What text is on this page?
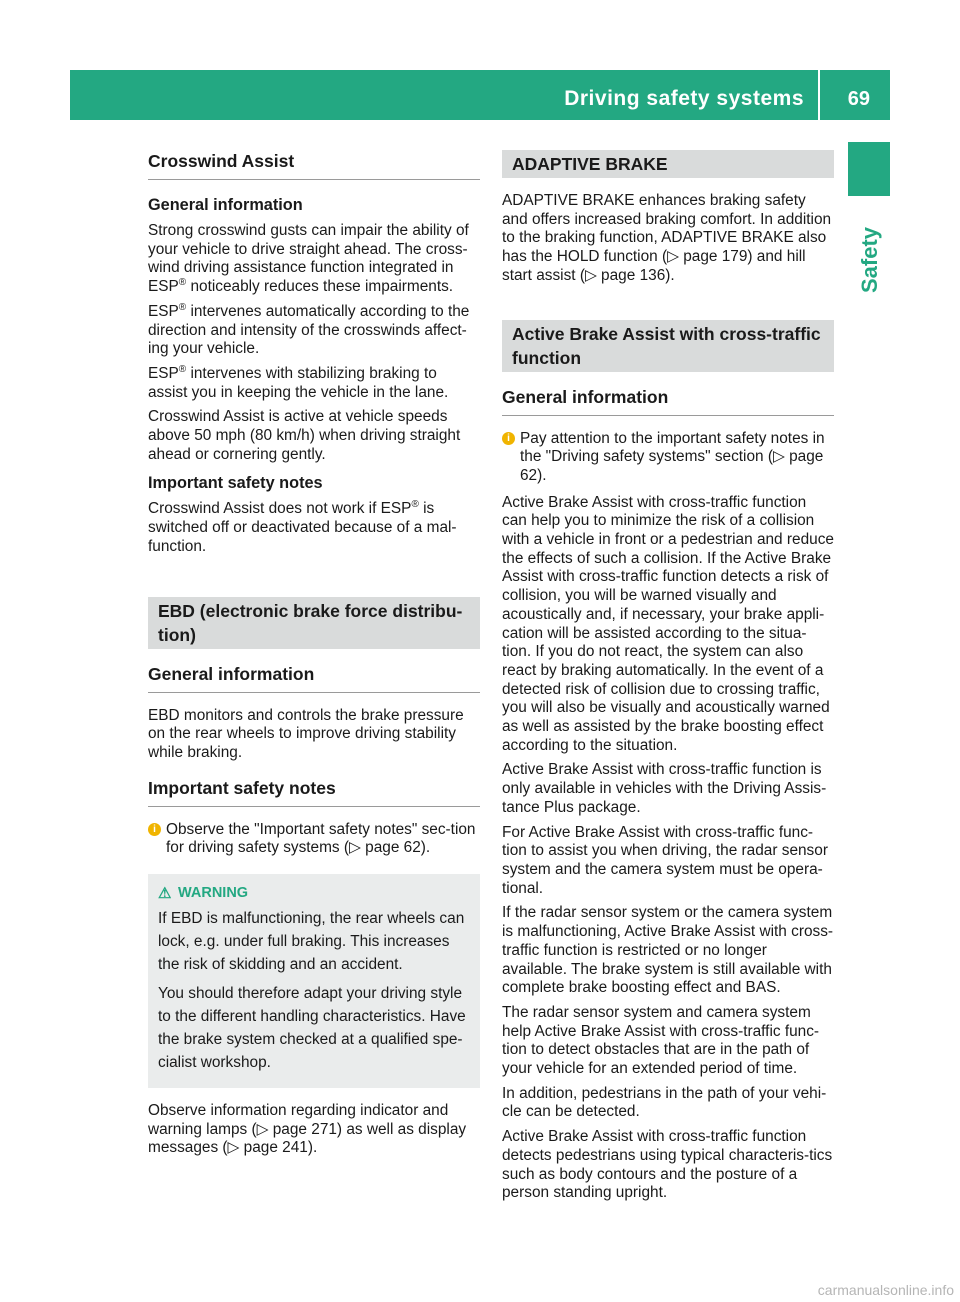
Driving safety systems	69
Safety
Crosswind Assist
General information

Strong crosswind gusts can impair the ability of your vehicle to drive straight ahead. The cross-wind driving assistance function integrated in ESP® noticeably reduces these impairments.

ESP® intervenes automatically according to the direction and intensity of the crosswinds affect-ing your vehicle.

ESP® intervenes with stabilizing braking to assist you in keeping the vehicle in the lane.

Crosswind Assist is active at vehicle speeds above 50 mph (80 km/h) when driving straight ahead or cornering gently.

Important safety notes

Crosswind Assist does not work if ESP® is switched off or deactivated because of a mal-function.

EBD (electronic brake force distribu-tion)
General information

EBD monitors and controls the brake pressure on the rear wheels to improve driving stability while braking.

Important safety notes
i Observe the "Important safety notes" sec-tion for driving safety systems (▷ page 62).
⚠ WARNING

If EBD is malfunctioning, the rear wheels can lock, e.g. under full braking. This increases the risk of skidding and an accident.

You should therefore adapt your driving style to the different handling characteristics. Have the brake system checked at a qualified spe-cialist workshop.

Observe information regarding indicator and warning lamps (▷ page 271) as well as display messages (▷ page 241).

ADAPTIVE BRAKE

ADAPTIVE BRAKE enhances braking safety and offers increased braking comfort. In addition to the braking function, ADAPTIVE BRAKE also has the HOLD function (▷ page 179) and hill start assist (▷ page 136).

Active Brake Assist with cross-traffic function
General information
i Pay attention to the important safety notes in the "Driving safety systems" section (▷ page 62).

Active Brake Assist with cross-traffic function can help you to minimize the risk of a collision with a vehicle in front or a pedestrian and reduce the effects of such a collision. If the Active Brake Assist with cross-traffic function detects a risk of collision, you will be warned visually and acoustically and, if necessary, your brake appli-cation will be assisted according to the situa-tion. If you do not react, the system can also react by braking automatically. In the event of a detected risk of collision due to crossing traffic, you will also be visually and acoustically warned as well as assisted by the brake boosting effect according to the situation.

Active Brake Assist with cross-traffic function is only available in vehicles with the Driving Assis-tance Plus package.

For Active Brake Assist with cross-traffic func-tion to assist you when driving, the radar sensor system and the camera system must be opera-tional.

If the radar sensor system or the camera system is malfunctioning, Active Brake Assist with cross-traffic function is restricted or no longer available. The brake system is still available with complete brake boosting effect and BAS.

The radar sensor system and camera system help Active Brake Assist with cross-traffic func-tion to detect obstacles that are in the path of your vehicle for an extended period of time.

In addition, pedestrians in the path of your vehi-cle can be detected.

Active Brake Assist with cross-traffic function detects pedestrians using typical characteris-tics such as body contours and the posture of a person standing upright.

carmanualsonline.info
